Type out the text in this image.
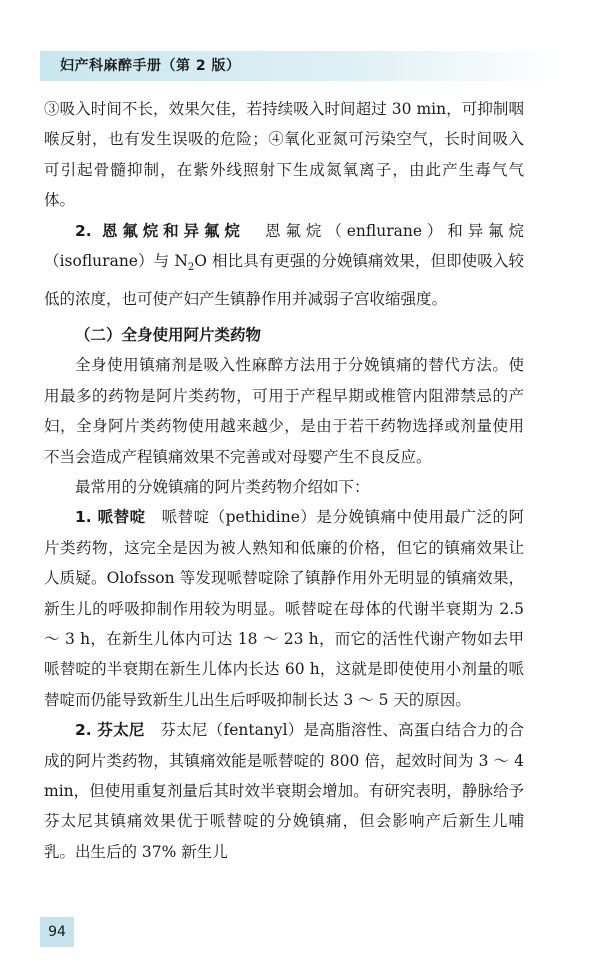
妇产科麻醉手册（第 2 版）

③吸入时间不长，效果欠佳，若持续吸入时间超过 30 min，可抑制咽喉反射，也有发生误吸的危险；④氧化亚氮可污染空气，长时间吸入可引起骨髓抑制，在紫外线照射下生成氮氧离子，由此产生毒气气体。

2. 恩氟烷和异氟烷　 恩氟烷（enflurane）和异氟烷（isoflurane）与 $N_2O$ 相比具有更强的分娩镇痛效果，但即使吸入较低的浓度，也可使产妇产生镇静作用并减弱子宫收缩强度。

（二）全身使用阿片类药物

全身使用镇痛剂是吸入性麻醉方法用于分娩镇痛的替代方法。使用最多的药物是阿片类药物，可用于产程早期或椎管内阻滞禁忌的产妇，全身阿片类药物使用越来越少，是由于若干药物选择或剂量使用不当会造成产程镇痛效果不完善或对母婴产生不良反应。

最常用的分娩镇痛的阿片类药物介绍如下：

1. 哌替啶　 哌替啶（pethidine）是分娩镇痛中使用最广泛的阿片类药物，这完全是因为被人熟知和低廉的价格，但它的镇痛效果让人质疑。Olofsson 等发现哌替啶除了镇静作用外无明显的镇痛效果，新生儿的呼吸抑制作用较为明显。哌替啶在母体的代谢半衰期为 2.5 ～ 3 h，在新生儿体内可达 18 ～ 23 h，而它的活性代谢产物如去甲哌替啶的半衰期在新生儿体内长达 60 h，这就是即使使用小剂量的哌替啶而仍能导致新生儿出生后呼吸抑制长达 3 ～ 5 天的原因。

2. 芬太尼　 芬太尼（fentanyl）是高脂溶性、高蛋白结合力的合成的阿片类药物，其镇痛效能是哌替啶的 800 倍，起效时间为 3 ～ 4 min，但使用重复剂量后其时效半衰期会增加。有研究表明，静脉给予芬太尼其镇痛效果优于哌替啶的分娩镇痛，但会影响产后新生儿哺乳。出生后的 37% 新生儿

94
